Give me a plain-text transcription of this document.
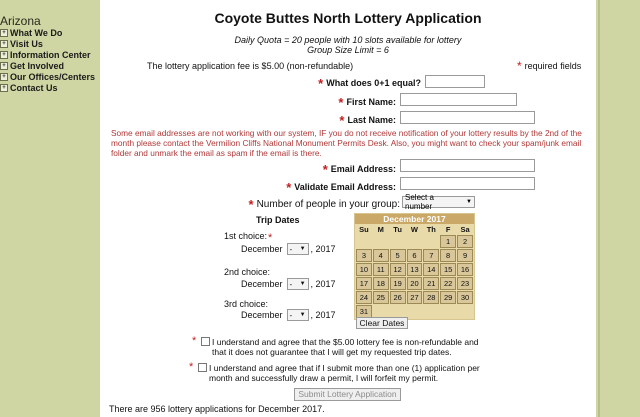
Arizona
+ What We Do
+ Visit Us
+ Information Center
+ Get Involved
+ Our Offices/Centers
+ Contact Us
Coyote Buttes North Lottery Application
Daily Quota = 20 people with 10 slots available for lottery
Group Size Limit = 6
The lottery application fee is $5.00 (non-refundable)	* required fields
* What does 0+1 equal?
* First Name:
* Last Name:
Some email addresses are not working with our system, IF you do not receive notification of your lottery results by the 2nd of the month please contact the Vermilion Cliffs National Monument Permits Desk. Also, you might want to check your spam/junk email folder and unmark the email as spam if the email is there.
* Email Address:
* Validate Email Address:
* Number of people in your group:
Select a number	▼
Trip Dates
1st choice:*
December - ▼ , 2017
2nd choice:
December - ▼ , 2017
3rd choice:
December - ▼ , 2017
December 2017
Su	M	Tu	W	Th	F	Sa
					1	2
3	4	5	6	7	8	9
10	11	12	13	14	15	16
17	18	19	20	21	22	23
24	25	26	27	28	29	30
31						
Clear Dates
* I understand and agree that the $5.00 lottery fee is non-refundable and
that it does not guarantee that I will get my requested trip dates.
* I understand and agree that if I submit more than one (1) application per
month and successfully draw a permit, I will forfeit my permit.
Submit Lottery Application
There are 956 lottery applications for December 2017.
